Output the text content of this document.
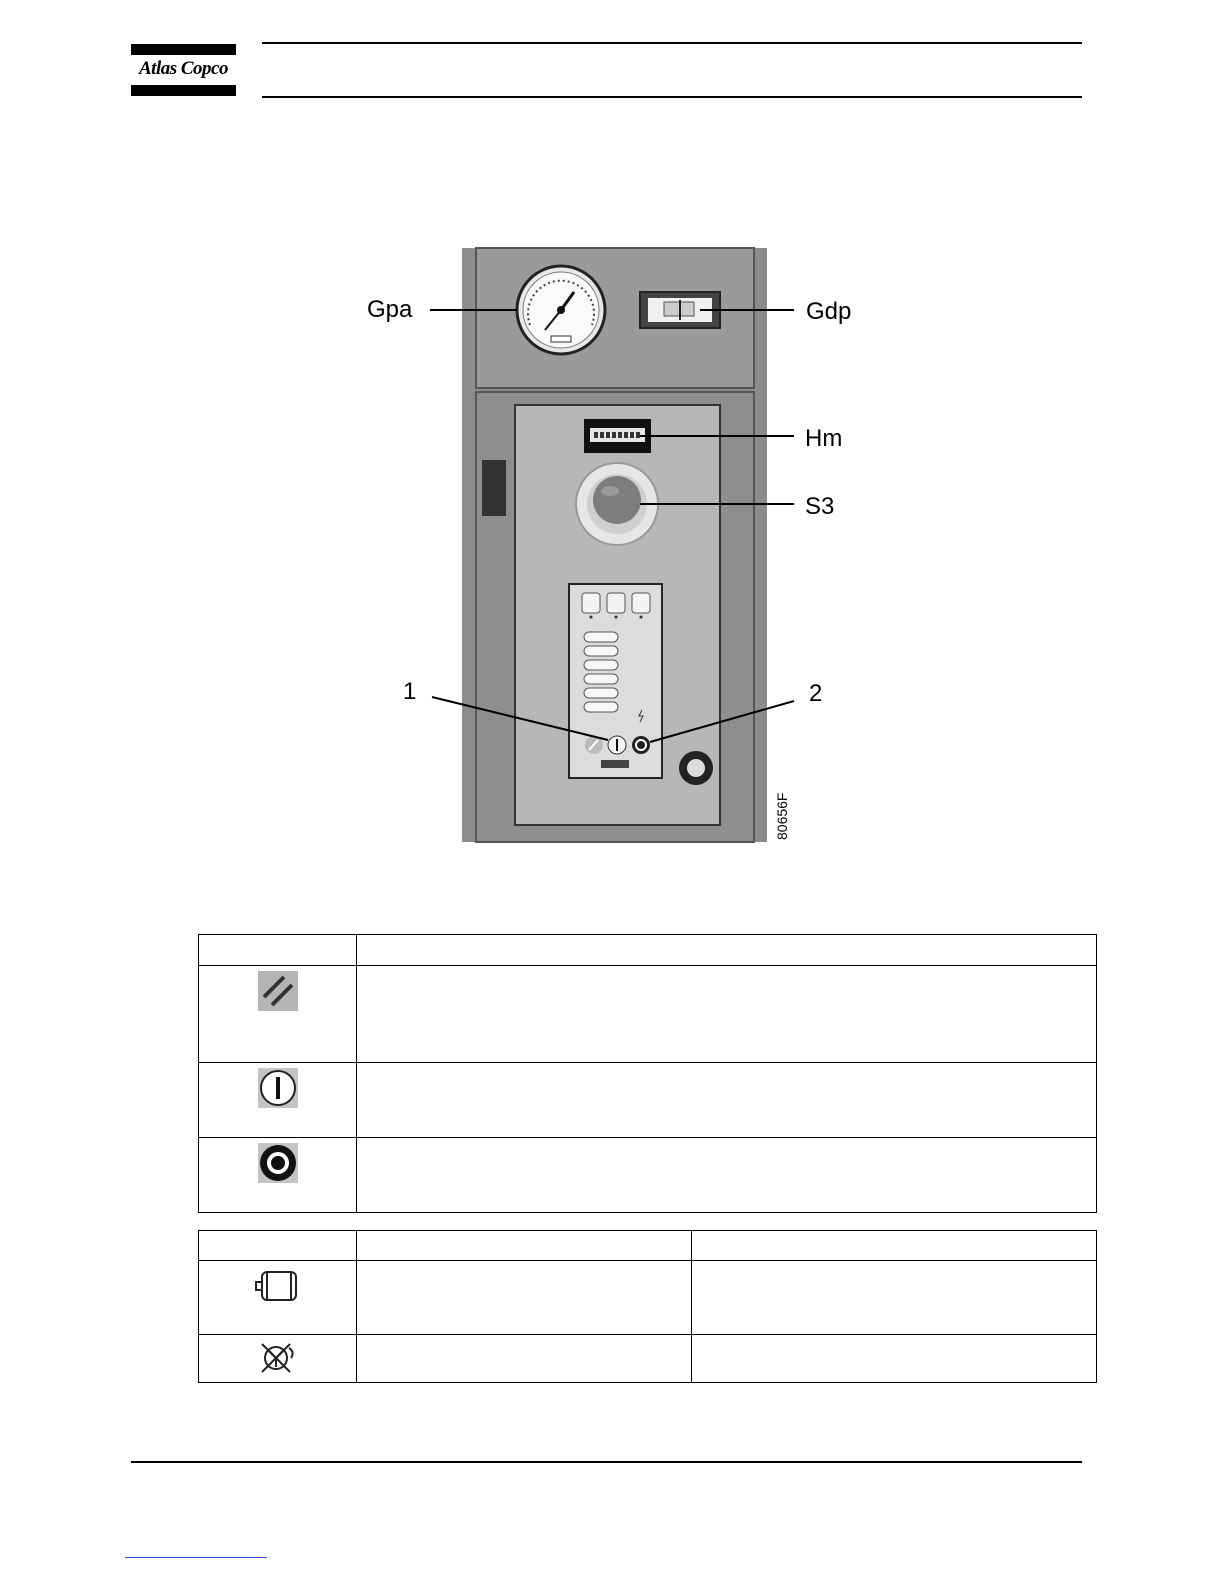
Atlas Copco
Gpa	Gdp
Hm
S3
1	2
80656F
